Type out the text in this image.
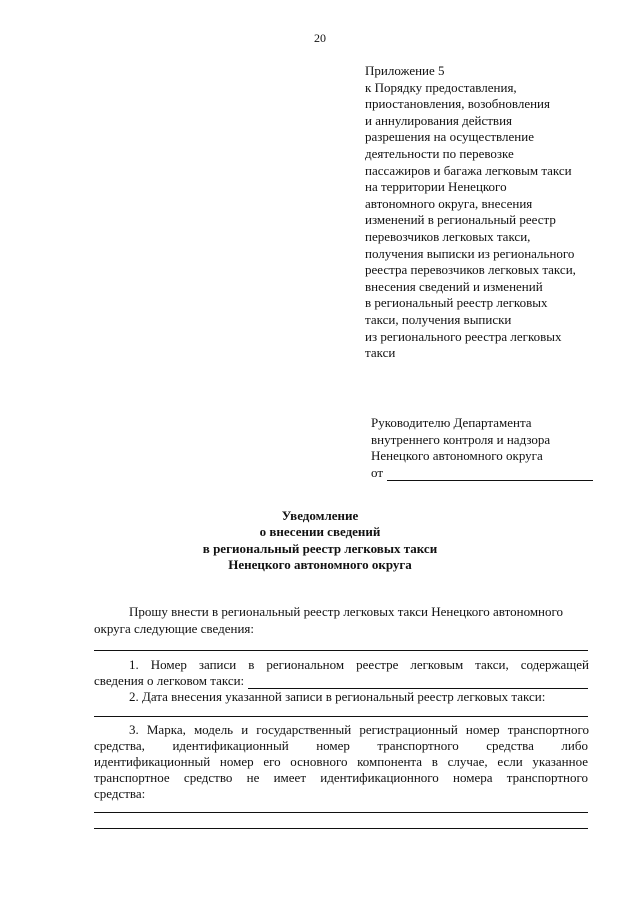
20
Приложение 5
к Порядку предоставления,
приостановления, возобновления
и аннулирования действия
разрешения на осуществление
деятельности по перевозке
пассажиров и багажа легковым такси
на территории Ненецкого
автономного округа, внесения
изменений в региональный реестр
перевозчиков легковых такси,
получения выписки из регионального
реестра перевозчиков легковых такси,
внесения сведений и изменений
в региональный реестр легковых
такси, получения выписки
из регионального реестра легковых
такси
Руководителю Департамента
внутреннего контроля и надзора
Ненецкого автономного округа
от
Уведомление
о внесении сведений
в региональный реестр легковых такси
Ненецкого автономного округа
Прошу внести в региональный реестр легковых такси Ненецкого автономного
округа следующие сведения:
1. Номер записи в региональном реестре легковым такси, содержащей
сведения о легковом такси:
2. Дата внесения указанной записи в региональный реестр легковых такси:
3. Марка, модель и государственный регистрационный номер транспортного
средства, идентификационный номер транспортного средства либо
идентификационный номер его основного компонента в случае, если указанное
транспортное средство не имеет идентификационного номера транспортного
средства:
